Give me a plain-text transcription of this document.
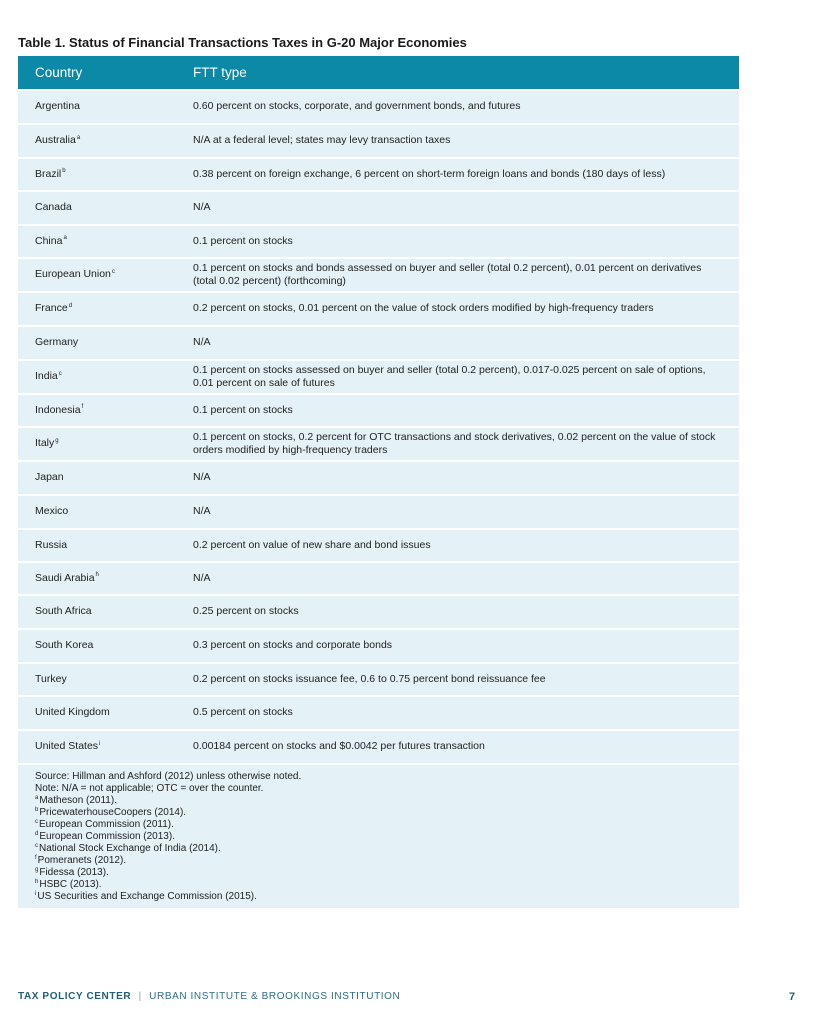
Table 1. Status of Financial Transactions Taxes in G-20 Major Economies
Country	FTT type
Argentina	0.60 percent on stocks, corporate, and government bonds, and futures
Australia$^a$	N/A at a federal level; states may levy transaction taxes
Brazil$^b$	0.38 percent on foreign exchange, 6 percent on short-term foreign loans and bonds (180 days of less)
Canada	N/A
China$^a$	0.1 percent on stocks
European Union$^c$	0.1 percent on stocks and bonds assessed on buyer and seller (total 0.2 percent), 0.01 percent on derivatives (total 0.02 percent) (forthcoming)
France$^d$	0.2 percent on stocks, 0.01 percent on the value of stock orders modified by high-frequency traders
Germany	N/A
India$^c$	0.1 percent on stocks assessed on buyer and seller (total 0.2 percent), 0.017-0.025 percent on sale of options, 0.01 percent on sale of futures
Indonesia$^f$	0.1 percent on stocks
Italy$^g$	0.1 percent on stocks, 0.2 percent for OTC transactions and stock derivatives, 0.02 percent on the value of stock orders modified by high-frequency traders
Japan	N/A
Mexico	N/A
Russia	0.2 percent on value of new share and bond issues
Saudi Arabia$^h$	N/A
South Africa	0.25 percent on stocks
South Korea	0.3 percent on stocks and corporate bonds
Turkey	0.2 percent on stocks issuance fee, 0.6 to 0.75 percent bond reissuance fee
United Kingdom	0.5 percent on stocks
United States$^i$	0.00184 percent on stocks and $0.0042 per futures transaction
Source: Hillman and Ashford (2012) unless otherwise noted.
Note: N/A = not applicable; OTC = over the counter.
$^a$Matheson (2011).
$^b$PricewaterhouseCoopers (2014).
$^c$European Commission (2011).
$^d$European Commission (2013).
$^c$National Stock Exchange of India (2014).
$^f$Pomeranets (2012).
$^g$Fidessa (2013).
$^h$HSBC (2013).
$^i$US Securities and Exchange Commission (2015).
TAX POLICY CENTER | URBAN INSTITUTE & BROOKINGS INSTITUTION	7
